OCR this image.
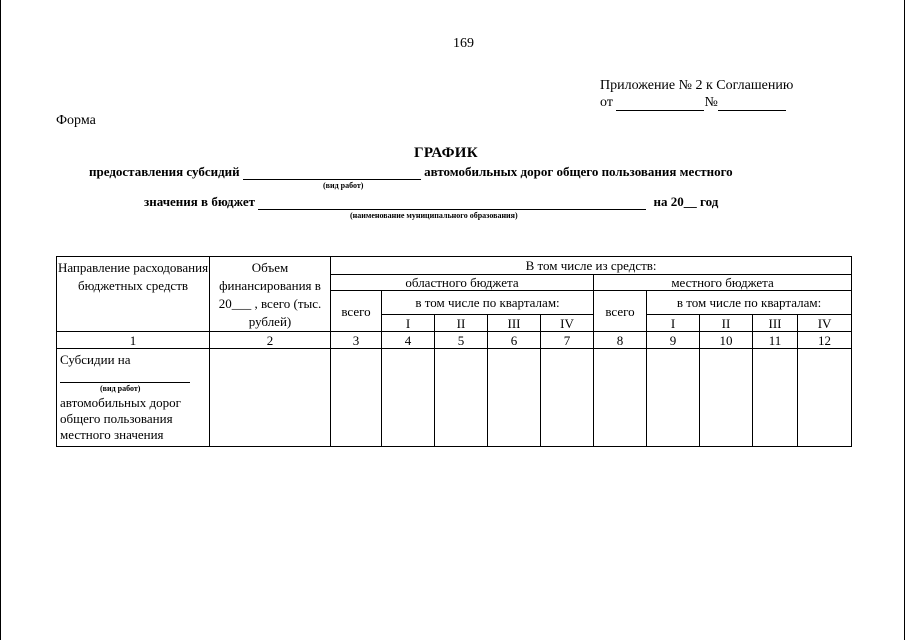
169
Приложение № 2 к Соглашению
от	№
Форма
ГРАФИК
предоставления субсидий	автомобильных дорог общего пользования местного
(вид работ)
значения в бюджет	на 20__ год
(наименование муниципального образования)
Направление расходования бюджетных средств	Объем финансирования в 20___ , всего (тыс. рублей)	В том числе из средств:									
		областного бюджета					местного бюджета				
		всего	в том числе по кварталам:				всего	в том числе по кварталам:			
			I	II	III	IV		I	II	III	IV
1	2	3	4	5	6	7	8	9	10	11	12

Субсидии на
(вид работ)
автомобильных дорог общего пользования местного значения											
